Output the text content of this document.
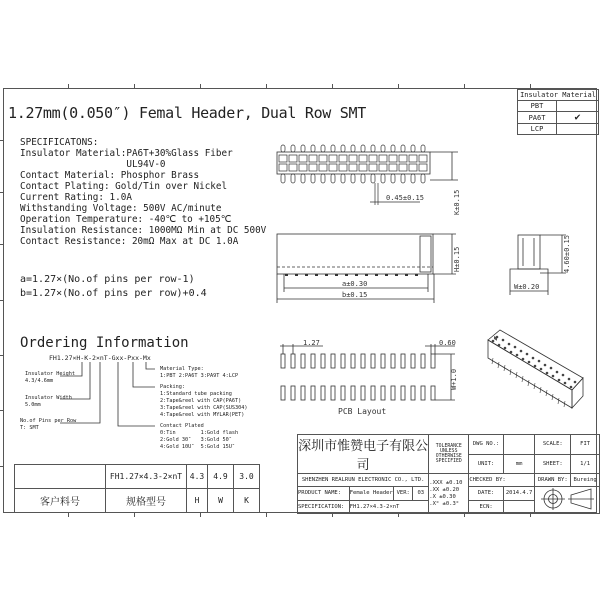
1.27mm(0.050″) Femal Header, Dual Row SMT
Insulator Material	
PBT	
PA6T	✔
LCP	
SPECIFICATONS:
Insulator Material:PA6T+30%Glass Fiber
UL94V-0
Contact Material: Phosphor Brass
Contact Plating: Gold/Tin over Nickel
Current Rating: 1.0A
Withstanding Voltage: 500V AC/minute
Operation Temperature: -40℃ to +105℃
Insulation Resistance: 1000MΩ Min at DC 500V
Contact Resistance: 20mΩ Max at DC 1.0A
a=1.27×(No.of pins per row-1)
b=1.27×(No.of pins per row)+0.4
Ordering Information
FH1.27×H-K-2×nT-Gxx-Pxx-Mx
Insulator Height
4.3/4.6mm
Insulator Width
5.0mm
No.of Pins per Row
T: SMT
Material Type:
1:PBT 2:PA6T 3:PA9T 4:LCP
Packing:
1:Standard tube packing
2:Tape&reel with CAP(PA6T)
3:Tape&reel with CAP(SUS304)
4:Tape&reel with MYLAR(PET)
Contact Plated
0:Tin        1:Gold flash
2:Gold 30″   3:Gold 50″
4:Gold 10U″  5:Gold 15U″
0.45±0.15	K±0.15
a±0.30
b±0.15
H±0.15
W±0.20
4.60±0.15
1.27	0.60
W+1.0
PCB Layout
	FH1.27×4.3-2×nT	4.3	4.9	3.0
客户料号	规格型号	H	W	K
深圳市惟赞电子有限公司				TOLERANCE UNLESS OTHERWISE SPECIFIED	DWG NO.:		SCALE:	FIT
					UNIT:	mm	SHEET:	1/1
SHENZHEN REALRUN ELECTRONIC CO., LTD.				.XXX ±0.10
.XX ±0.20
.X ±0.30
.X° ±0.3°	CHECKED BY:		DRAWN BY:	Bureing
PRODUCT NAME:	Female Header	VER:	03		DATE:	2014.4.7	
SPECIFICATION:	FH1.27×4.3-2×nT				ECN:			
